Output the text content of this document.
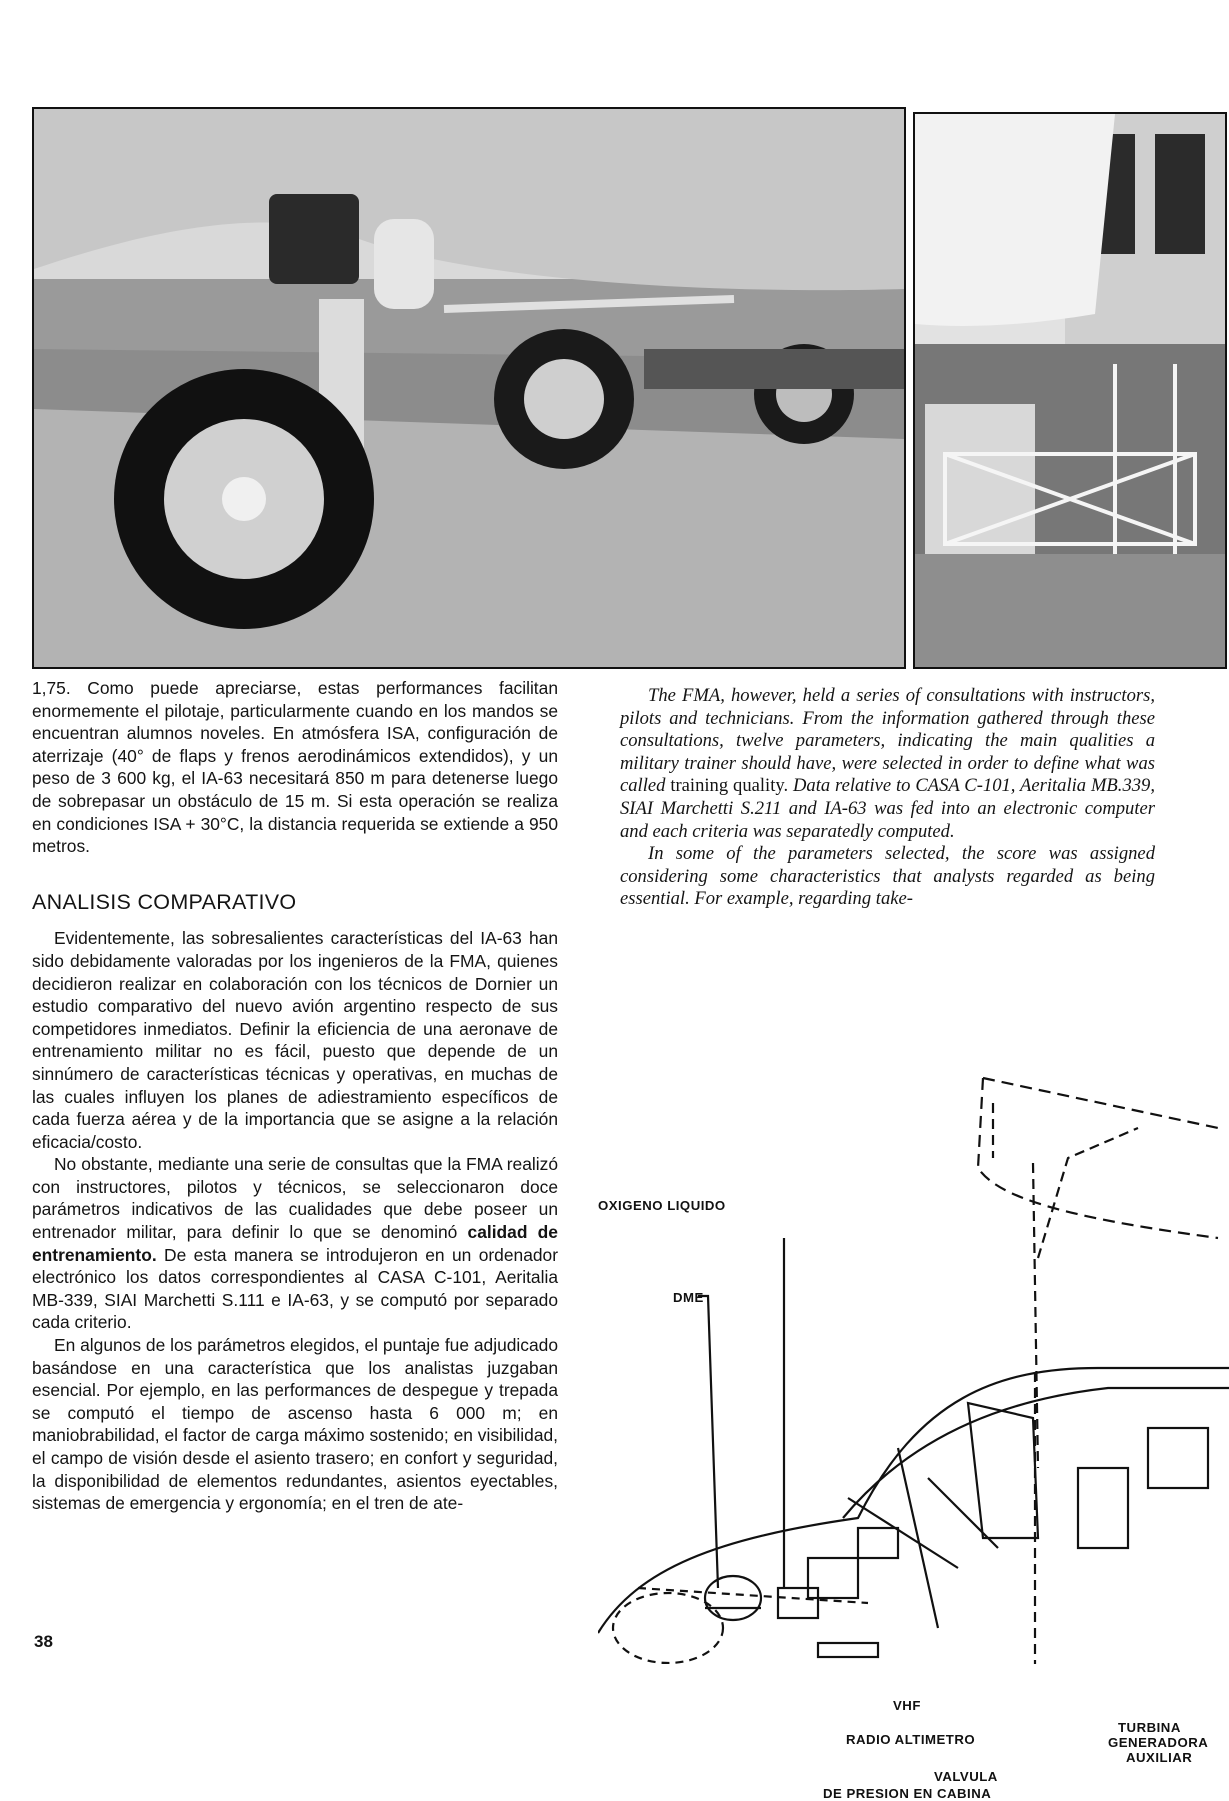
1,75. Como puede apreciarse, estas performances facilitan enormemente el pilotaje, particularmente cuando en los mandos se encuentran alumnos noveles. En atmósfera ISA, configuración de aterrizaje (40° de flaps y frenos aerodinámicos extendidos), y un peso de 3 600 kg, el IA-63 necesitará 850 m para detenerse luego de sobrepasar un obstáculo de 15 m. Si esta operación se realiza en condiciones ISA + 30°C, la distancia requerida se extiende a 950 metros.

ANALISIS COMPARATIVO

Evidentemente, las sobresalientes características del IA-63 han sido debidamente valoradas por los ingenieros de la FMA, quienes decidieron realizar en colaboración con los técnicos de Dornier un estudio comparativo del nuevo avión argentino respecto de sus competidores inmediatos. Definir la eficiencia de una aeronave de entrenamiento militar no es fácil, puesto que depende de un sinnúmero de características técnicas y operativas, en muchas de las cuales influyen los planes de adiestramiento específicos de cada fuerza aérea y de la importancia que se asigne a la relación eficacia/costo.

No obstante, mediante una serie de consultas que la FMA realizó con instructores, pilotos y técnicos, se seleccionaron doce parámetros indicativos de las cualidades que debe poseer un entrenador militar, para definir lo que se denominó calidad de entrenamiento. De esta manera se introdujeron en un ordenador electrónico los datos correspondientes al CASA C-101, Aeritalia MB-339, SIAI Marchetti S.111 e IA-63, y se computó por separado cada criterio.

En algunos de los parámetros elegidos, el puntaje fue adjudicado basándose en una característica que los analistas juzgaban esencial. Por ejemplo, en las performances de despegue y trepada se computó el tiempo de ascenso hasta 6 000 m; en maniobrabilidad, el factor de carga máximo sostenido; en visibilidad, el campo de visión desde el asiento trasero; en confort y seguridad, la disponibilidad de elementos redundantes, asientos eyectables, sistemas de emergencia y ergonomía; en el tren de ate-

The FMA, however, held a series of consultations with instructors, pilots and technicians. From the information gathered through these consultations, twelve parameters, indicating the main qualities a military trainer should have, were selected in order to define what was called training quality. Data relative to CASA C-101, Aeritalia MB.339, SIAI Marchetti S.211 and IA-63 was fed into an electronic computer and each criteria was separatedly computed.

In some of the parameters selected, the score was assigned considering some characteristics that analysts regarded as being essential. For example, regarding take-

OXIGENO LIQUIDO
DME
VHF
RADIO ALTIMETRO
TURBINA
GENERADORA
AUXILIAR
VALVULA
DE PRESION EN CABINA
38
